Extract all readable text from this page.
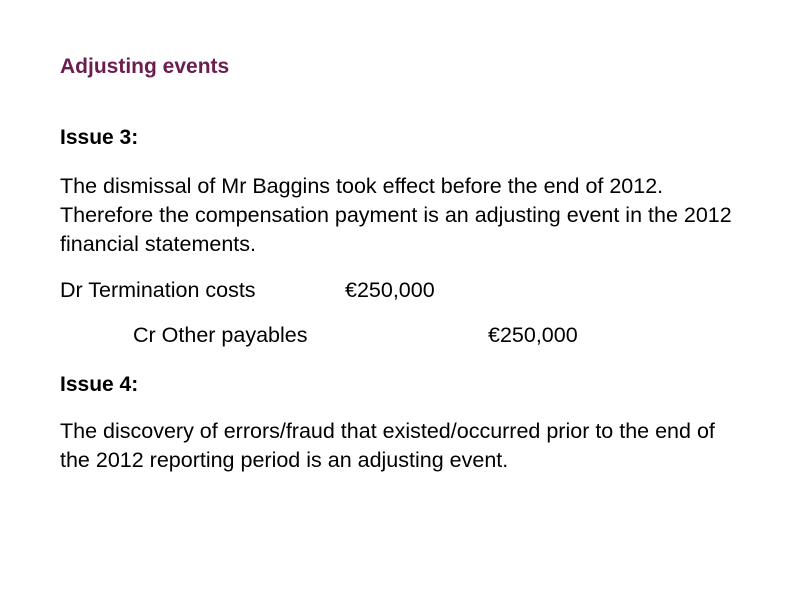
Adjusting events
Issue 3:
The dismissal of Mr Baggins took effect before the end of 2012. Therefore the compensation payment is an adjusting event in the 2012 financial statements.
Dr Termination costs	€250,000
Cr Other payables	€250,000
Issue 4:
The discovery of errors/fraud that existed/occurred prior to the end of the 2012 reporting period is an adjusting event.
